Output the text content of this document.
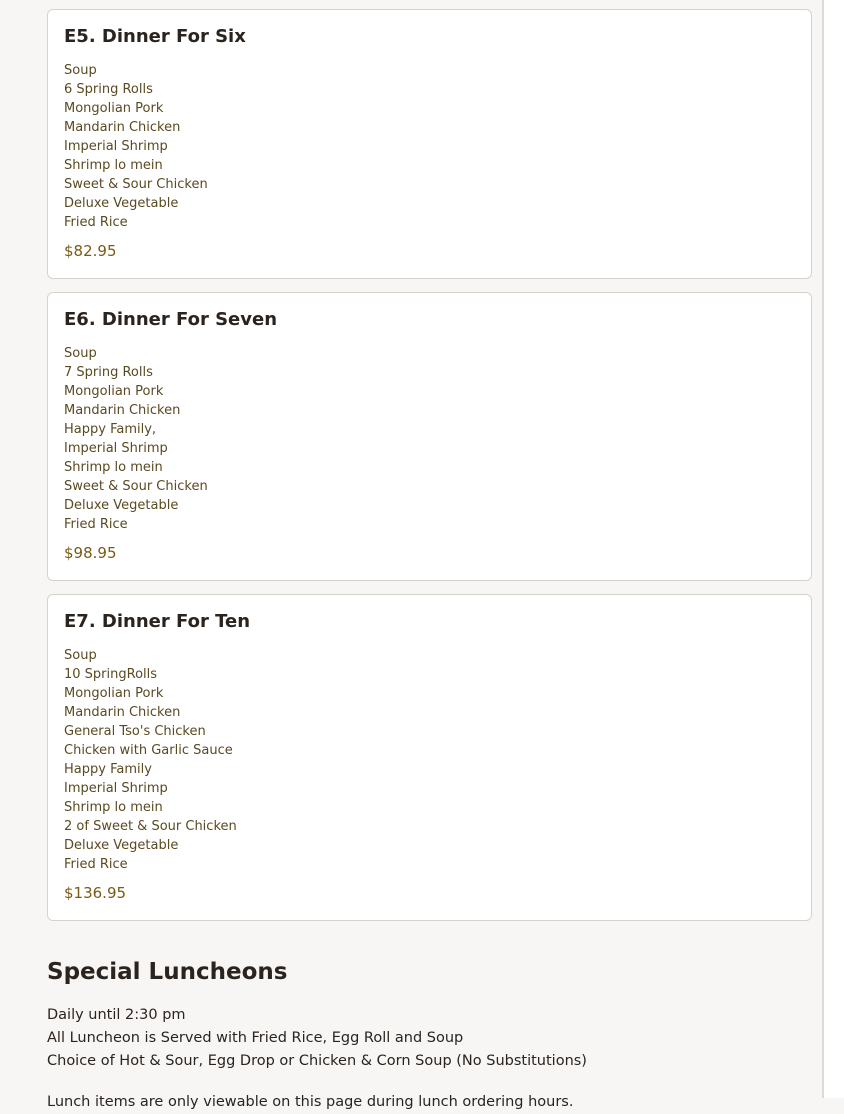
E5. Dinner For Six
Soup
6 Spring Rolls
Mongolian Pork
Mandarin Chicken
Imperial Shrimp
Shrimp lo mein
Sweet & Sour Chicken
Deluxe Vegetable
Fried Rice
$82.95
E6. Dinner For Seven
Soup
7 Spring Rolls
Mongolian Pork
Mandarin Chicken
Happy Family,
Imperial Shrimp
Shrimp lo mein
Sweet & Sour Chicken
Deluxe Vegetable
Fried Rice
$98.95
E7. Dinner For Ten
Soup
10 SpringRolls
Mongolian Pork
Mandarin Chicken
General Tso's Chicken
Chicken with Garlic Sauce
Happy Family
Imperial Shrimp
Shrimp lo mein
2 of Sweet & Sour Chicken
Deluxe Vegetable
Fried Rice
$136.95
Special Luncheons

Daily until 2:30 pm

All Luncheon is Served with Fried Rice, Egg Roll and Soup

Choice of Hot & Sour, Egg Drop or Chicken & Corn Soup (No Substitutions)

Lunch items are only viewable on this page during lunch ordering hours.
